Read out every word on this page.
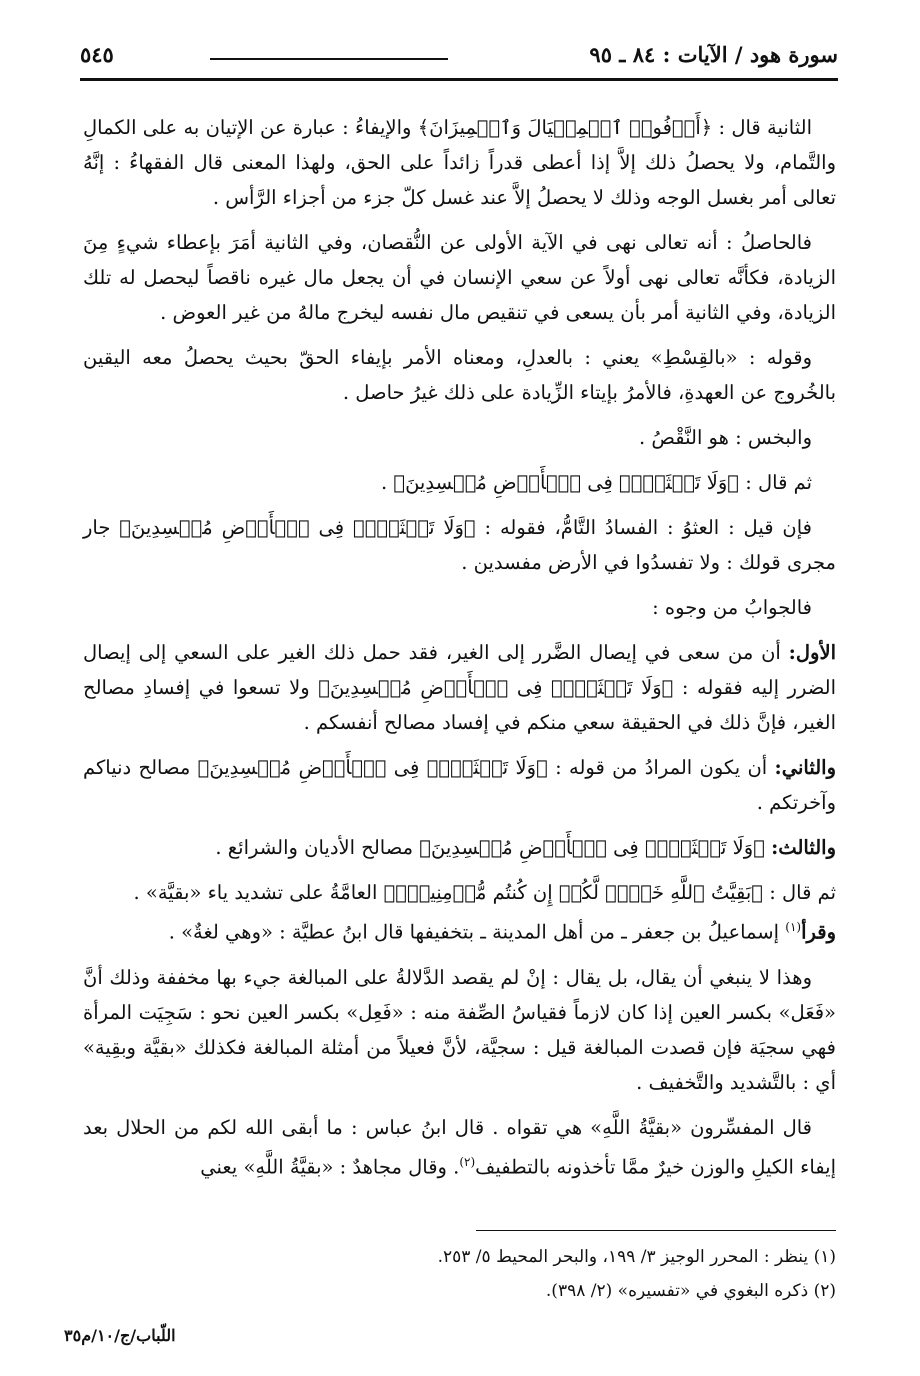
سورة هود / الآيات : ٨٤ ـ ٩٥
٥٤٥

الثانية قال : ﴿أَوۡفُوا۟ ٱلۡمِكۡيَالَ وَٱلۡمِيزَانَ﴾ والإيفاءُ : عبارة عن الإتيان به على الكمالِ والتَّمام، ولا يحصلُ ذلك إلاَّ إذا أعطى قدراً زائداً على الحق، ولهذا المعنى قال الفقهاءُ : إنَّهُ تعالى أمر بغسل الوجه وذلك لا يحصلُ إلاَّ عند غسل كلّ جزء من أجزاء الرَّأس .

فالحاصلُ : أنه تعالى نهى في الآية الأولى عن النُّقصان، وفي الثانية أمَرَ بإعطاء شيءٍ مِنَ الزيادة، فكأنَّه تعالى نهى أولاً عن سعي الإنسان في أن يجعل مال غيره ناقصاً ليحصل له تلك الزيادة، وفي الثانية أمر بأن يسعى في تنقيص مال نفسه ليخرج مالهُ من غير العوض .

وقوله : «بالقِسْطِ» يعني : بالعدلِ، ومعناه الأمر بإيفاء الحقّ بحيث يحصلُ معه اليقين بالخُروج عن العهدةِ، فالأمرُ بإيتاء الزِّيادة على ذلك غيرُ حاصل .

والبخس : هو النَّقْصُ .

ثم قال : ﴿وَلَا تَعۡثَوۡا۟ فِی ٱلۡأَرۡضِ مُفۡسِدِینَ﴾ .

فإن قيل : العثوُ : الفسادُ التَّامُّ، فقوله : ﴿وَلَا تَعۡثَوۡا۟ فِی ٱلۡأَرۡضِ مُفۡسِدِینَ﴾ جار مجرى قولك : ولا تفسدُوا في الأرض مفسدين .

فالجوابُ من وجوه :

الأول: أن من سعى في إيصال الضَّرر إلى الغير، فقد حمل ذلك الغير على السعي إلى إيصال الضرر إليه فقوله : ﴿وَلَا تَعۡثَوۡا۟ فِی ٱلۡأَرۡضِ مُفۡسِدِینَ﴾ ولا تسعوا في إفسادِ مصالح الغير، فإنَّ ذلك في الحقيقة سعي منكم في إفساد مصالح أنفسكم .

والثاني: أن يكون المرادُ من قوله : ﴿وَلَا تَعۡثَوۡا۟ فِی ٱلۡأَرۡضِ مُفۡسِدِینَ﴾ مصالح دنياكم وآخرتكم .

والثالث: ﴿وَلَا تَعۡثَوۡا۟ فِی ٱلۡأَرۡضِ مُفۡسِدِینَ﴾ مصالح الأديان والشرائع .

ثم قال : ﴿بَقِیَّتُ ٱللَّهِ خَیۡرࣱ لَّكُمۡ إِن كُنتُم مُّؤۡمِنِینَۚ﴾ العامَّةُ على تشديد ياء «بقيَّة» .
وقرأ$^{(١)}$ إسماعيلُ بن جعفر ـ من أهل المدينة ـ بتخفيفها قال ابنُ عطيَّة : «وهي لغةٌ» .

وهذا لا ينبغي أن يقال، بل يقال : إنْ لم يقصد الدَّلالةُ على المبالغة جيء بها مخففة وذلك أنَّ «فَعَل» بكسر العين إذا كان لازماً فقياسُ الصِّفة منه : «فَعِل» بكسر العين نحو : سَجِيَت المرأة فهي سجيَة فإن قصدت المبالغة قيل : سجيَّة، لأنَّ فعيلاً من أمثلة المبالغة فكذلك «بقيَّة وبقِية» أي : بالتَّشديد والتَّخفيف .

قال المفسِّرون «بقيَّةُ اللَّهِ» هي تقواه . قال ابنُ عباس : ما أبقى الله لكم من الحلال بعد إيفاء الكيلِ والوزن خيرٌ ممَّا تأخذونه بالتطفيف$^{(٢)}$. وقال مجاهدٌ : «بقيَّةُ اللَّهِ» يعني

(١) ينظر : المحرر الوجيز ٣/ ١٩٩، والبحر المحيط ٥/ ٢٥٣.
(٢) ذكره البغوي في «تفسيره» (٢/ ٣٩٨).
اللّباب/ج/١٠/م٣٥
